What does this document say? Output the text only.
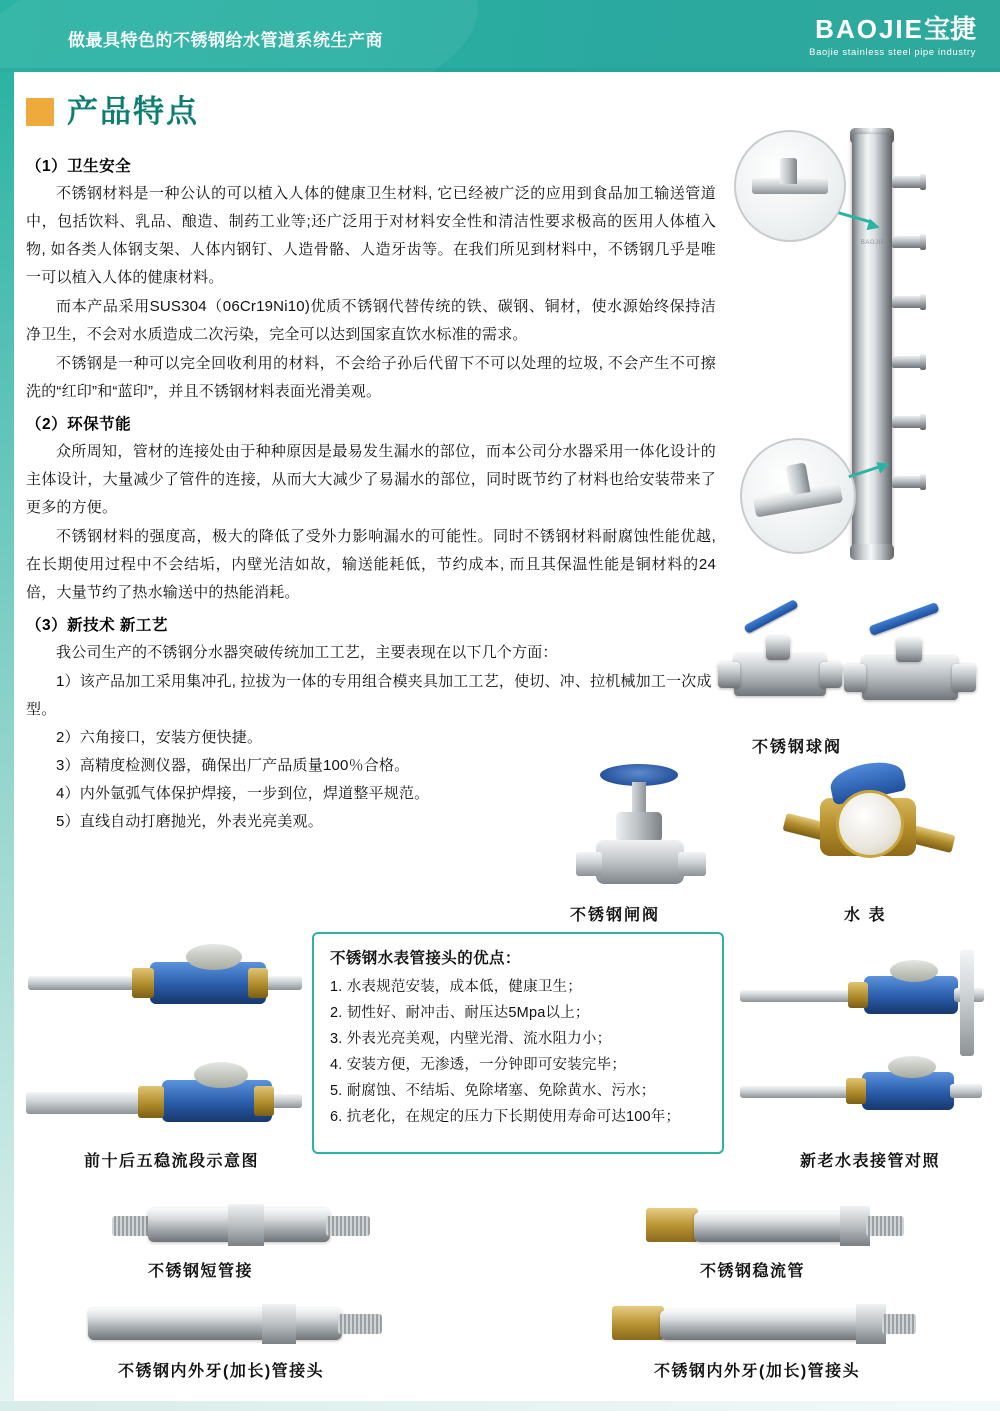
做最具特色的不锈钢给水管道系统生产商	BAOJIE宝捷
Baojie stainless steel pipe industry
产品特点
（1）卫生安全

不锈钢材料是一种公认的可以植入人体的健康卫生材料, 它已经被广泛的应用到食品加工输送管道中，包括饮料、乳品、酿造、制药工业等;还广泛用于对材料安全性和清洁性要求极高的医用人体植入物, 如各类人体钢支架、人体内钢钉、人造骨骼、人造牙齿等。在我们所见到材料中，不锈钢几乎是唯一可以植入人体的健康材料。

而本产品采用SUS304（06Cr19Ni10)优质不锈钢代替传统的铁、碳钢、铜材，使水源始终保持洁净卫生，不会对水质造成二次污染，完全可以达到国家直饮水标准的需求。

不锈钢是一种可以完全回收利用的材料，不会给子孙后代留下不可以处理的垃圾, 不会产生不可擦洗的“红印”和“蓝印”，并且不锈钢材料表面光滑美观。

（2）环保节能

众所周知，管材的连接处由于种种原因是最易发生漏水的部位，而本公司分水器采用一体化设计的主体设计，大量减少了管件的连接，从而大大减少了易漏水的部位，同时既节约了材料也给安装带来了更多的方便。

不锈钢材料的强度高，极大的降低了受外力影响漏水的可能性。同时不锈钢材料耐腐蚀性能优越, 在长期使用过程中不会结垢，内壁光洁如故，输送能耗低，节约成本, 而且其保温性能是铜材料的24倍，大量节约了热水输送中的热能消耗。

（3）新技术 新工艺

我公司生产的不锈钢分水器突破传统加工工艺，主要表现在以下几个方面：

1）该产品加工采用集冲孔, 拉拔为一体的专用组合模夹具加工工艺，使切、冲、拉机械加工一次成型。

2）六角接口，安装方便快捷。

3）高精度检测仪器，确保出厂产品质量100％合格。

4）内外氩弧气体保护焊接，一步到位，焊道整平规范。

5）直线自动打磨抛光，外表光亮美观。

BAOJIE
不锈钢球阀
不锈钢闸阀	水 表
不锈钢水表管接头的优点：
1. 水表规范安装，成本低，健康卫生；
2. 韧性好、耐冲击、耐压达5Mpa以上；
3. 外表光亮美观，内壁光滑、流水阻力小；
4. 安装方便，无渗透，一分钟即可安装完毕；
5. 耐腐蚀、不结垢、免除堵塞、免除黄水、污水；
6. 抗老化，在规定的压力下长期使用寿命可达100年；
前十后五稳流段示意图	新老水表接管对照
不锈钢短管接
不锈钢内外牙(加长)管接头
不锈钢稳流管
不锈钢内外牙(加长)管接头
